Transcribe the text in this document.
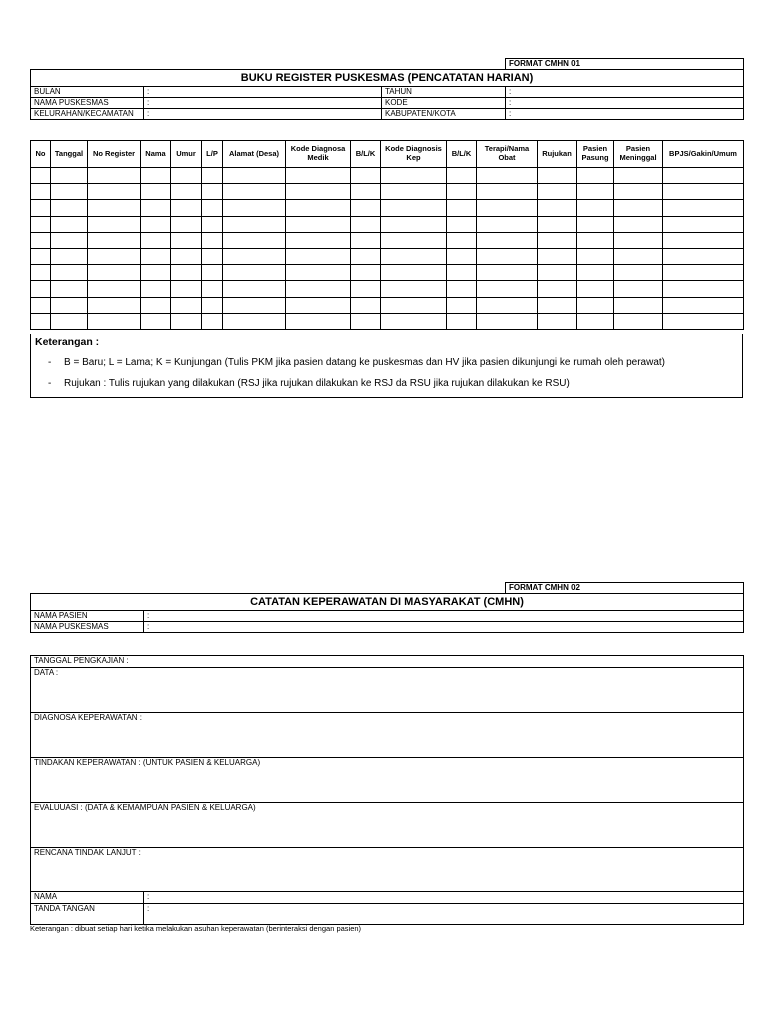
			FORMAT CMHN 01
BUKU REGISTER PUSKESMAS (PENCATATAN HARIAN)			
BULAN	:	TAHUN	:
NAMA PUSKESMAS	:	KODE	:
KELURAHAN/KECAMATAN	:	KABUPATEN/KOTA	:
No	Tanggal	No Register	Nama	Umur	L/P	Alamat (Desa)	Kode Diagnosa Medik	B/L/K	Kode Diagnosis Kep	B/L/K	Terapi/Nama Obat	Rujukan	Pasien Pasung	Pasien Meninggal	BPJS/Gakin/Umum

Keterangan :
- B = Baru; L = Lama; K = Kunjungan (Tulis PKM jika pasien datang ke puskesmas dan HV jika pasien dikunjungi ke rumah oleh perawat)
- Rujukan : Tulis rujukan yang dilakukan (RSJ jika rujukan dilakukan ke RSJ da RSU jika rujukan dilakukan ke RSU)
		FORMAT CMHN 02
CATATAN KEPERAWATAN DI MASYARAKAT (CMHN)		
NAMA PASIEN	:	
NAMA PUSKESMAS	:	
TANGGAL PENGKAJIAN :	
DATA :	
DIAGNOSA KEPERAWATAN :	
TINDAKAN KEPERAWATAN : (UNTUK PASIEN & KELUARGA)	
EVALUUASI : (DATA & KEMAMPUAN PASIEN & KELUARGA)	
RENCANA TINDAK LANJUT :	
NAMA	:
TANDA TANGAN	:
Keterangan : dibuat setiap hari ketika melakukan asuhan keperawatan (berinteraksi dengan pasien)
